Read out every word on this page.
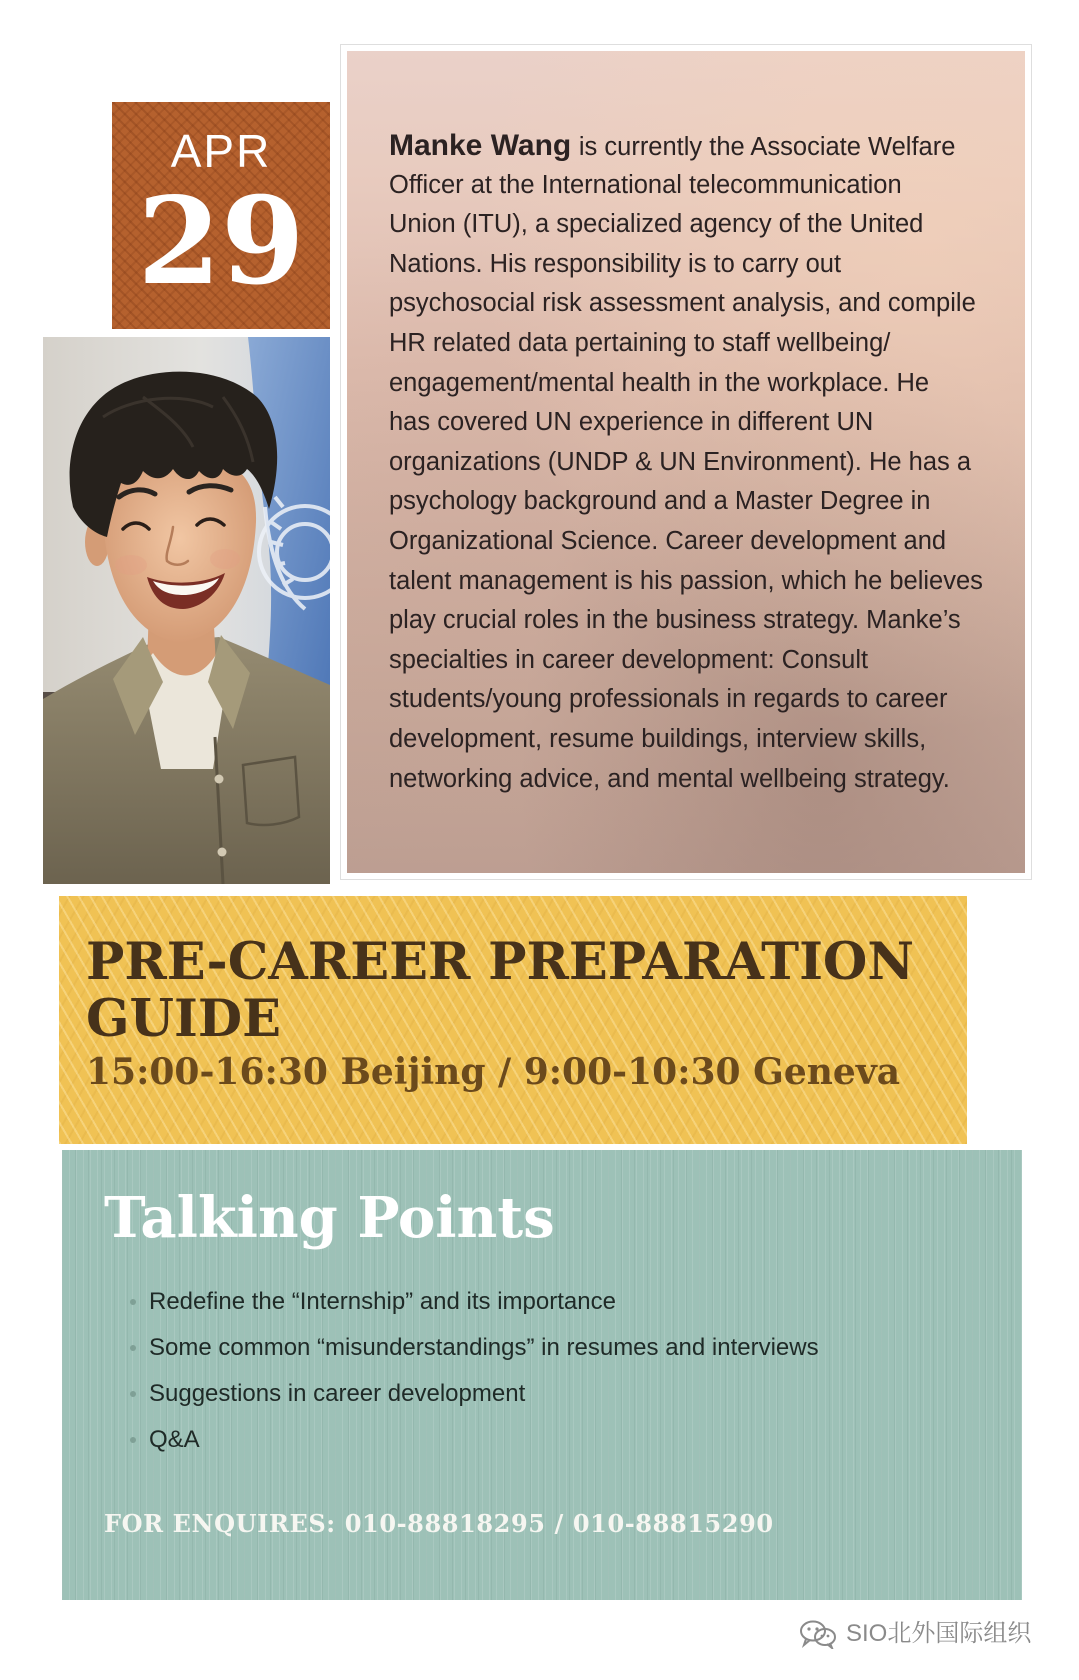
APR
29
Manke Wang is currently the Associate Welfare
Officer at the International telecommunication
Union (ITU), a specialized agency of the United
Nations. His responsibility is to carry out
psychosocial risk assessment analysis, and compile
HR related data pertaining to staff wellbeing/
engagement/mental health in the workplace. He
has covered UN experience in different UN
organizations (UNDP & UN Environment). He has a
psychology background and a Master Degree in
Organizational Science. Career development and
talent management is his passion, which he believes
play crucial roles in the business strategy. Manke’s
specialties in career development: Consult
students/young professionals in regards to career
development, resume buildings, interview skills,
networking advice, and mental wellbeing strategy.
PRE-CAREER PREPARATION
GUIDE
15:00-16:30 Beijing / 9:00-10:30 Geneva
Talking Points
Redefine the “Internship” and its importance
Some common “misunderstandings” in resumes and interviews
Suggestions in career development
Q&A
FOR ENQUIRES: 010-88818295 / 010-88815290
SIO北外国际组织
